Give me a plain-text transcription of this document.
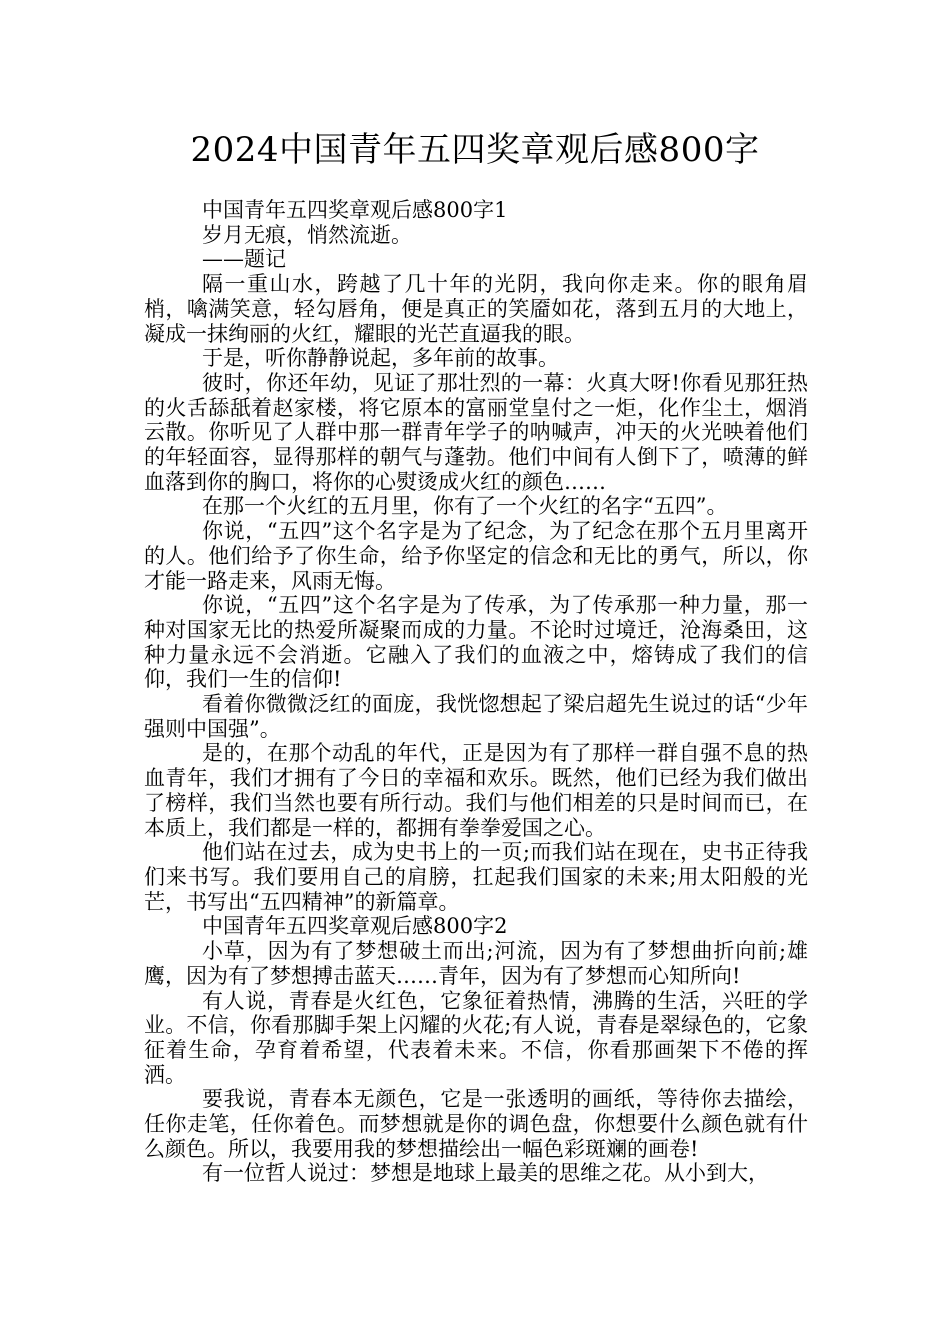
2024中国青年五四奖章观后感800字

中国青年五四奖章观后感800字1

岁月无痕，悄然流逝。

——题记

隔一重山水，跨越了几十年的光阴，我向你走来。你的眼角眉梢，噙满笑意，轻勾唇角，便是真正的笑靥如花，落到五月的大地上，凝成一抹绚丽的火红，耀眼的光芒直逼我的眼。

于是，听你静静说起，多年前的故事。

彼时，你还年幼，见证了那壮烈的一幕：火真大呀!你看见那狂热的火舌舔舐着赵家楼，将它原本的富丽堂皇付之一炬，化作尘土，烟消云散。你听见了人群中那一群青年学子的呐喊声，冲天的火光映着他们的年轻面容，显得那样的朝气与蓬勃。他们中间有人倒下了，喷薄的鲜血落到你的胸口，将你的心熨烫成火红的颜色……

在那一个火红的五月里，你有了一个火红的名字“五四”。

你说，“五四”这个名字是为了纪念，为了纪念在那个五月里离开的人。他们给予了你生命，给予你坚定的信念和无比的勇气，所以，你才能一路走来，风雨无悔。

你说，“五四”这个名字是为了传承，为了传承那一种力量，那一种对国家无比的热爱所凝聚而成的力量。不论时过境迁，沧海桑田，这种力量永远不会消逝。它融入了我们的血液之中，熔铸成了我们的信仰，我们一生的信仰!

看着你微微泛红的面庞，我恍惚想起了梁启超先生说过的话“少年强则中国强”。

是的，在那个动乱的年代，正是因为有了那样一群自强不息的热血青年，我们才拥有了今日的幸福和欢乐。既然，他们已经为我们做出了榜样，我们当然也要有所行动。我们与他们相差的只是时间而已，在本质上，我们都是一样的，都拥有拳拳爱国之心。

他们站在过去，成为史书上的一页;而我们站在现在，史书正待我们来书写。我们要用自己的肩膀，扛起我们国家的未来;用太阳般的光芒，书写出“五四精神”的新篇章。

中国青年五四奖章观后感800字2

小草，因为有了梦想破土而出;河流，因为有了梦想曲折向前;雄鹰，因为有了梦想搏击蓝天……青年，因为有了梦想而心知所向!

有人说，青春是火红色，它象征着热情，沸腾的生活，兴旺的学业。不信，你看那脚手架上闪耀的火花;有人说，青春是翠绿色的，它象征着生命，孕育着希望，代表着未来。不信，你看那画架下不倦的挥洒。

要我说，青春本无颜色，它是一张透明的画纸，等待你去描绘，任你走笔，任你着色。而梦想就是你的调色盘，你想要什么颜色就有什么颜色。所以，我要用我的梦想描绘出一幅色彩斑斓的画卷!

有一位哲人说过：梦想是地球上最美的思维之花。从小到大，
